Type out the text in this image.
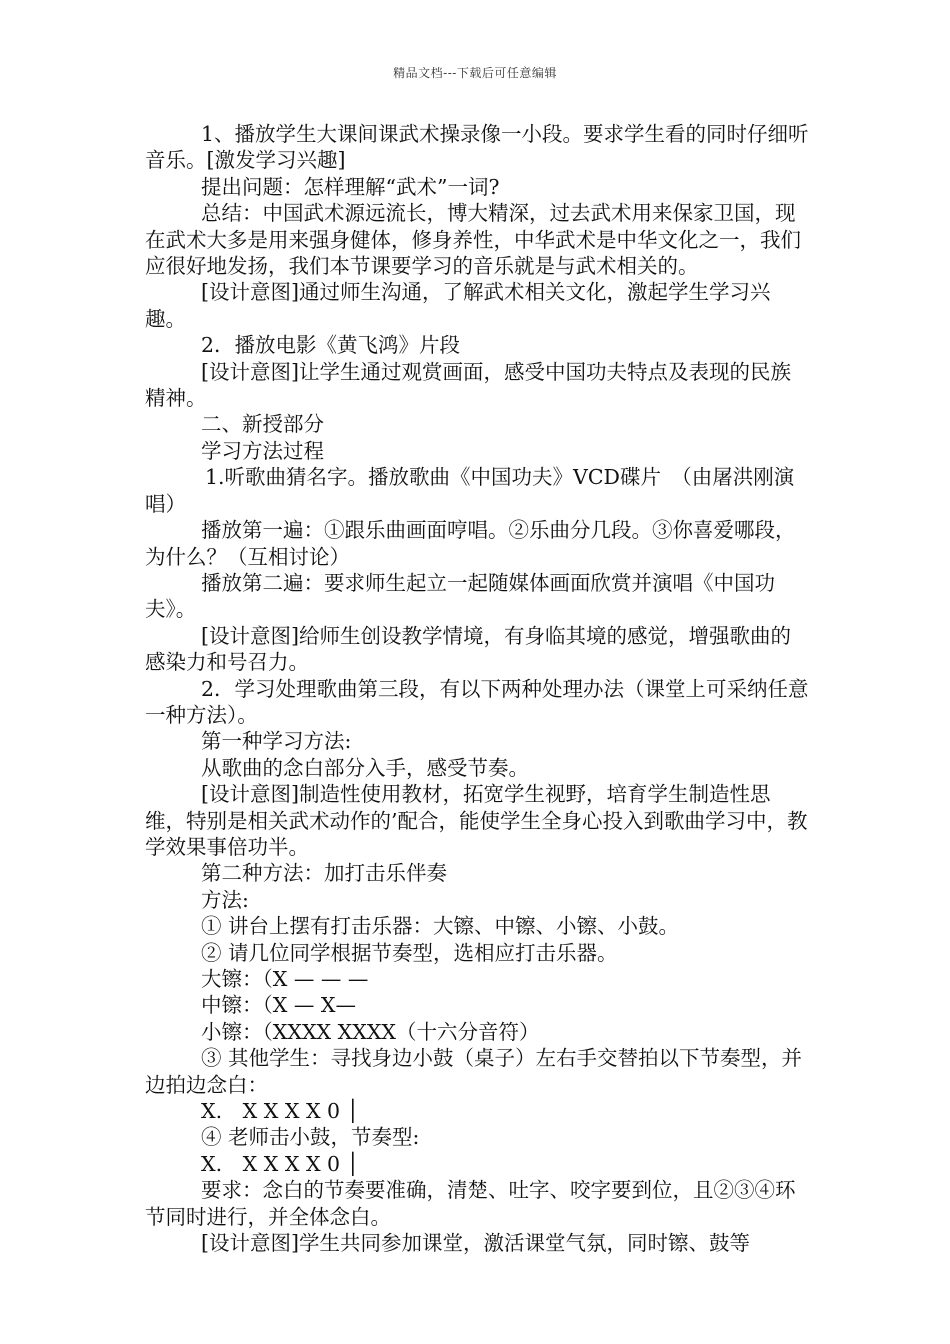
精品文档---下载后可任意编辑

1、播放学生大课间课武术操录像一小段。要求学生看的同时仔细听音乐。[激发学习兴趣]

提出问题：怎样理解“武术”一词?

总结：中国武术源远流长，博大精深，过去武术用来保家卫国，现在武术大多是用来强身健体，修身养性，中华武术是中华文化之一，我们应很好地发扬，我们本节课要学习的音乐就是与武术相关的。

[设计意图]通过师生沟通，了解武术相关文化，激起学生学习兴趣。

2．播放电影《黄飞鸿》片段

[设计意图]让学生通过观赏画面，感受中国功夫特点及表现的民族精神。

二、新授部分

学习方法过程

1.听歌曲猜名字。播放歌曲《中国功夫》VCD碟片　（由屠洪刚演唱）

播放第一遍：①跟乐曲画面哼唱。②乐曲分几段。③你喜爱哪段，为什么？（互相讨论）

播放第二遍：要求师生起立一起随媒体画面欣赏并演唱《中国功夫》。

[设计意图]给师生创设教学情境，有身临其境的感觉，增强歌曲的感染力和号召力。

2．学习处理歌曲第三段，有以下两种处理办法（课堂上可采纳任意一种方法）。

第一种学习方法:

从歌曲的念白部分入手，感受节奏。

[设计意图]制造性使用教材，拓宽学生视野，培育学生制造性思维，特别是相关武术动作的’配合，能使学生全身心投入到歌曲学习中，教学效果事倍功半。

第二种方法：加打击乐伴奏

方法:

① 讲台上摆有打击乐器：大镲、中镲、小镲、小鼓。

② 请几位同学根据节奏型，选相应打击乐器。

大镲：（X — — —

中镲：（X — X—

小镲：（XXXX XXXX（十六分音符）

③ 其他学生：寻找身边小鼓（桌子）左右手交替拍以下节奏型，并边拍边念白：

X.　X X X X 0 │

④ 老师击小鼓，节奏型:

X.　X X X X 0 │

要求：念白的节奏要准确，清楚、吐字、咬字要到位，且②③④环节同时进行，并全体念白。

[设计意图]学生共同参加课堂，激活课堂气氛，同时镲、鼓等
